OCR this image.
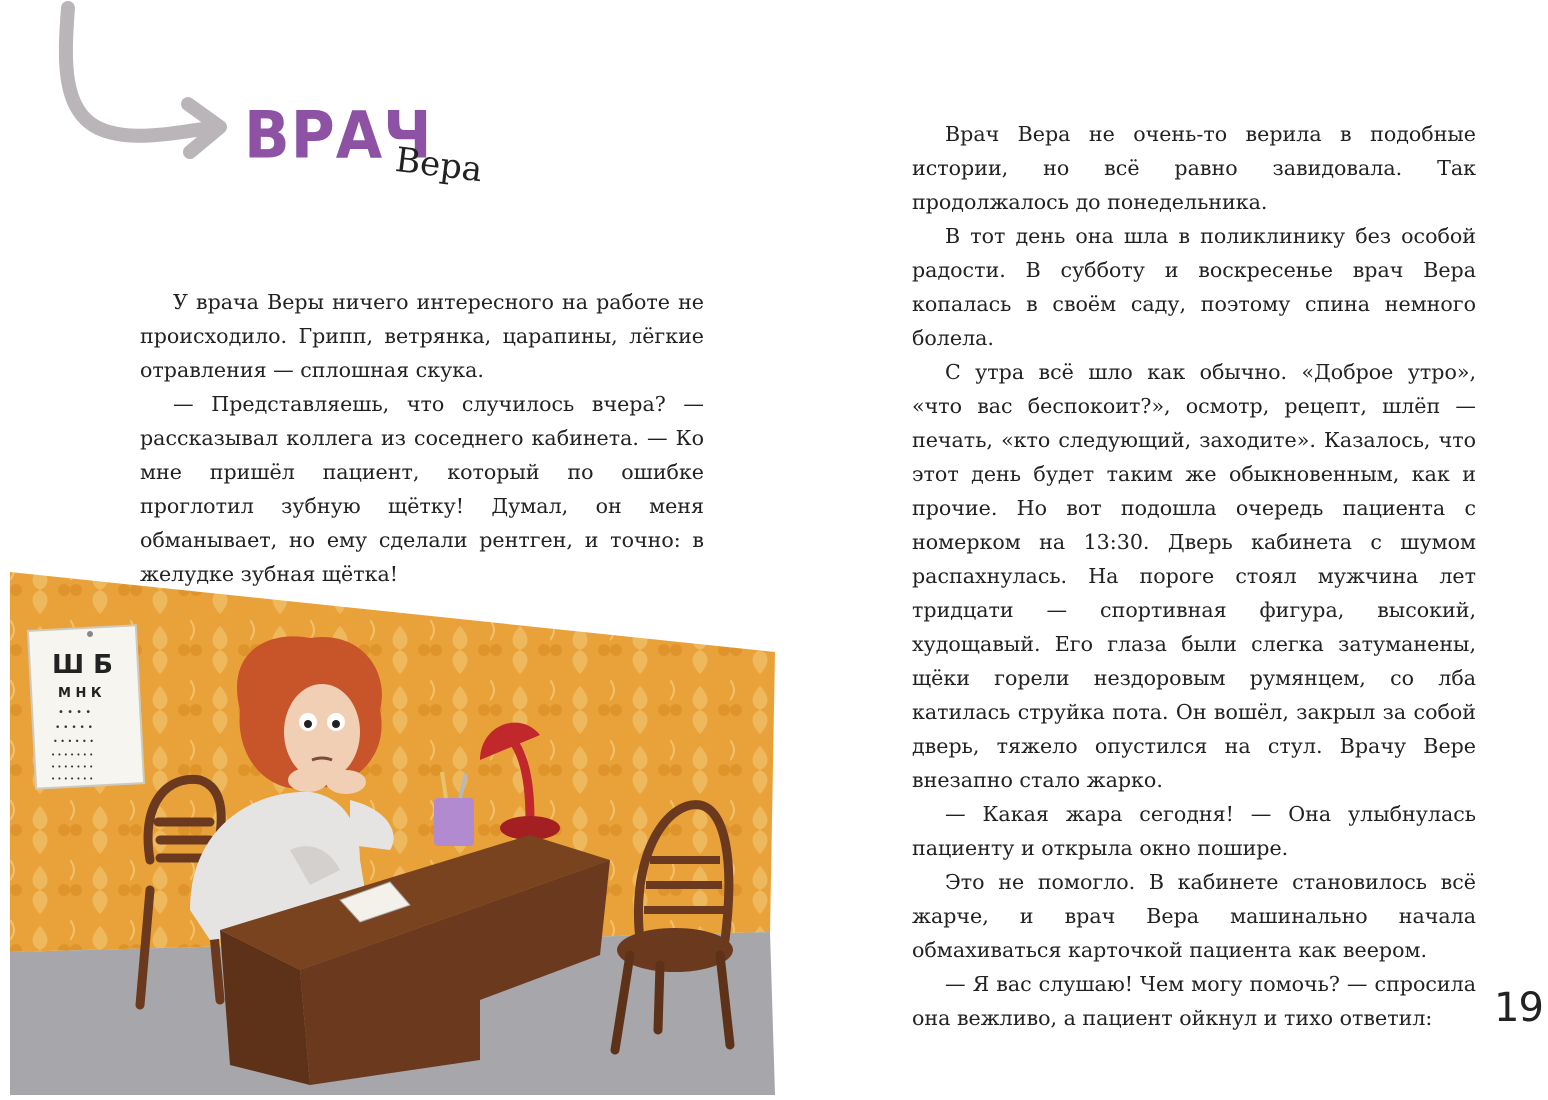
ВРАЧ
Вера

У врача Веры ничего интересного на работе не происходило. Грипп, ветрянка, царапины, лёгкие отравления — сплошная скука.

— Представляешь, что случилось вчера? — рассказывал коллега из соседнего кабинета. — Ко мне пришёл пациент, который по ошибке проглотил зубную щётку! Думал, он меня обманывает, но ему сделали рентген, и точно: в желудке зубная щётка!

Ш Б
М Н К
• • • •
• • • • •
• • • • • •
• • • • • • •
• • • • • • •
• • • • • • •

Врач Вера не очень-то верила в подобные истории, но всё равно завидовала. Так продолжалось до понедельника.

В тот день она шла в поликлинику без особой радости. В субботу и воскресенье врач Вера копалась в своём саду, поэтому спина немного болела.

С утра всё шло как обычно. «Доброе утро», «что вас беспокоит?», осмотр, рецепт, шлёп — печать, «кто следующий, заходите». Казалось, что этот день будет таким же обыкновенным, как и прочие. Но вот подошла очередь пациента с номерком на 13:30. Дверь кабинета с шумом распахнулась. На пороге стоял мужчина лет тридцати — спортивная фигура, высокий, худощавый. Его глаза были слегка затуманены, щёки горели нездоровым румянцем, со лба катилась струйка пота. Он вошёл, закрыл за собой дверь, тяжело опустился на стул. Врачу Вере внезапно стало жарко.

— Какая жара сегодня! — Она улыбнулась пациенту и открыла окно пошире.

Это не помогло. В кабинете становилось всё жарче, и врач Вера машинально начала обмахиваться карточкой пациента как веером.

— Я вас слушаю! Чем могу помочь? — спросила она вежливо, а пациент ойкнул и тихо ответил:	19
